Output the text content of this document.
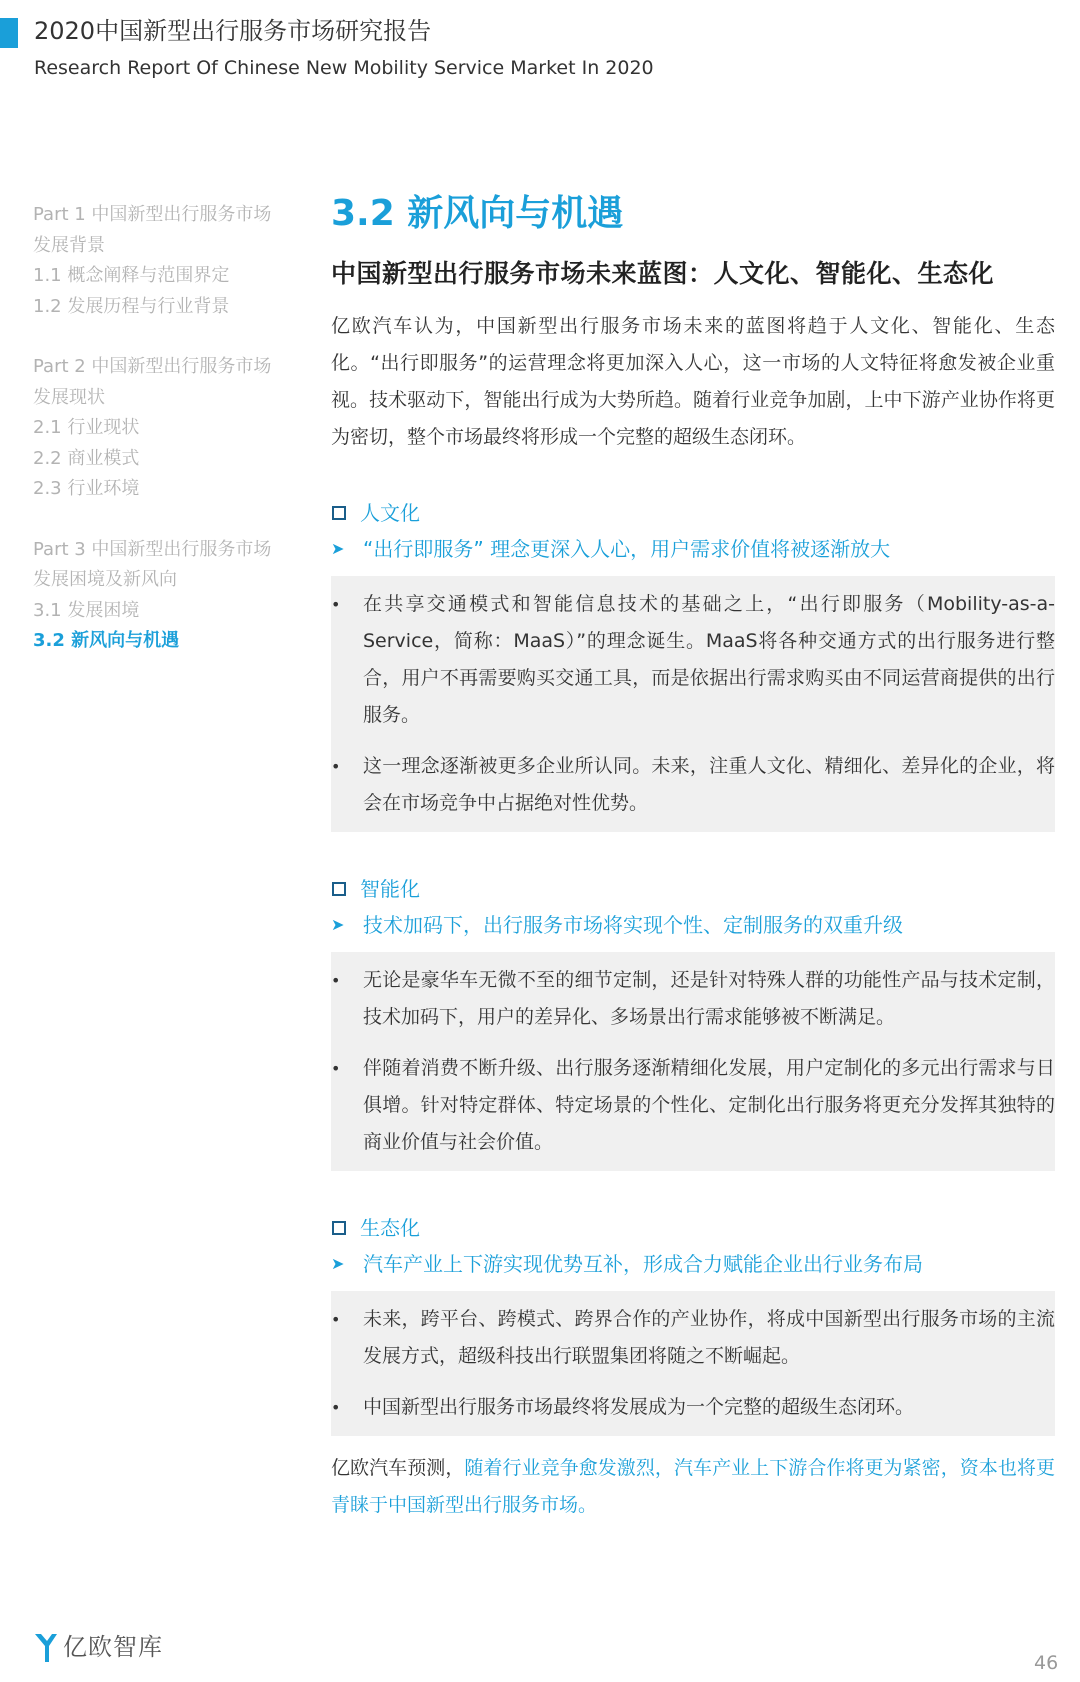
2020中国新型出行服务市场研究报告
Research Report Of Chinese New Mobility Service Market In 2020
Part 1 中国新型出行服务市场
发展背景
1.1 概念阐释与范围界定
1.2 发展历程与行业背景
Part 2 中国新型出行服务市场
发展现状
2.1 行业现状
2.2 商业模式
2.3 行业环境
Part 3 中国新型出行服务市场
发展困境及新风向
3.1 发展困境
3.2 新风向与机遇
3.2 新风向与机遇
中国新型出行服务市场未来蓝图：人文化、智能化、生态化

亿欧汽车认为，中国新型出行服务市场未来的蓝图将趋于人文化、智能化、生态化。“出行即服务”的运营理念将更加深入人心，这一市场的人文特征将愈发被企业重视。技术驱动下，智能出行成为大势所趋。随着行业竞争加剧，上中下游产业协作将更为密切，整个市场最终将形成一个完整的超级生态闭环。

人文化
➤ “出行即服务” 理念更深入人心，用户需求价值将被逐渐放大
•	在共享交通模式和智能信息技术的基础之上，“出行即服务（Mobility-as-a-Service，简称：MaaS）”的理念诞生。MaaS将各种交通方式的出行服务进行整合，用户不再需要购买交通工具，而是依据出行需求购买由不同运营商提供的出行服务。
•	这一理念逐渐被更多企业所认同。未来，注重人文化、精细化、差异化的企业，将会在市场竞争中占据绝对性优势。
智能化
➤ 技术加码下，出行服务市场将实现个性、定制服务的双重升级
•	无论是豪华车无微不至的细节定制，还是针对特殊人群的功能性产品与技术定制，技术加码下，用户的差异化、多场景出行需求能够被不断满足。
•	伴随着消费不断升级、出行服务逐渐精细化发展，用户定制化的多元出行需求与日俱增。针对特定群体、特定场景的个性化、定制化出行服务将更充分发挥其独特的商业价值与社会价值。
生态化
➤ 汽车产业上下游实现优势互补，形成合力赋能企业出行业务布局
•	未来，跨平台、跨模式、跨界合作的产业协作，将成中国新型出行服务市场的主流发展方式，超级科技出行联盟集团将随之不断崛起。
•	中国新型出行服务市场最终将发展成为一个完整的超级生态闭环。

亿欧汽车预测，随着行业竞争愈发激烈，汽车产业上下游合作将更为紧密，资本也将更青睐于中国新型出行服务市场。

亿欧智库
46
